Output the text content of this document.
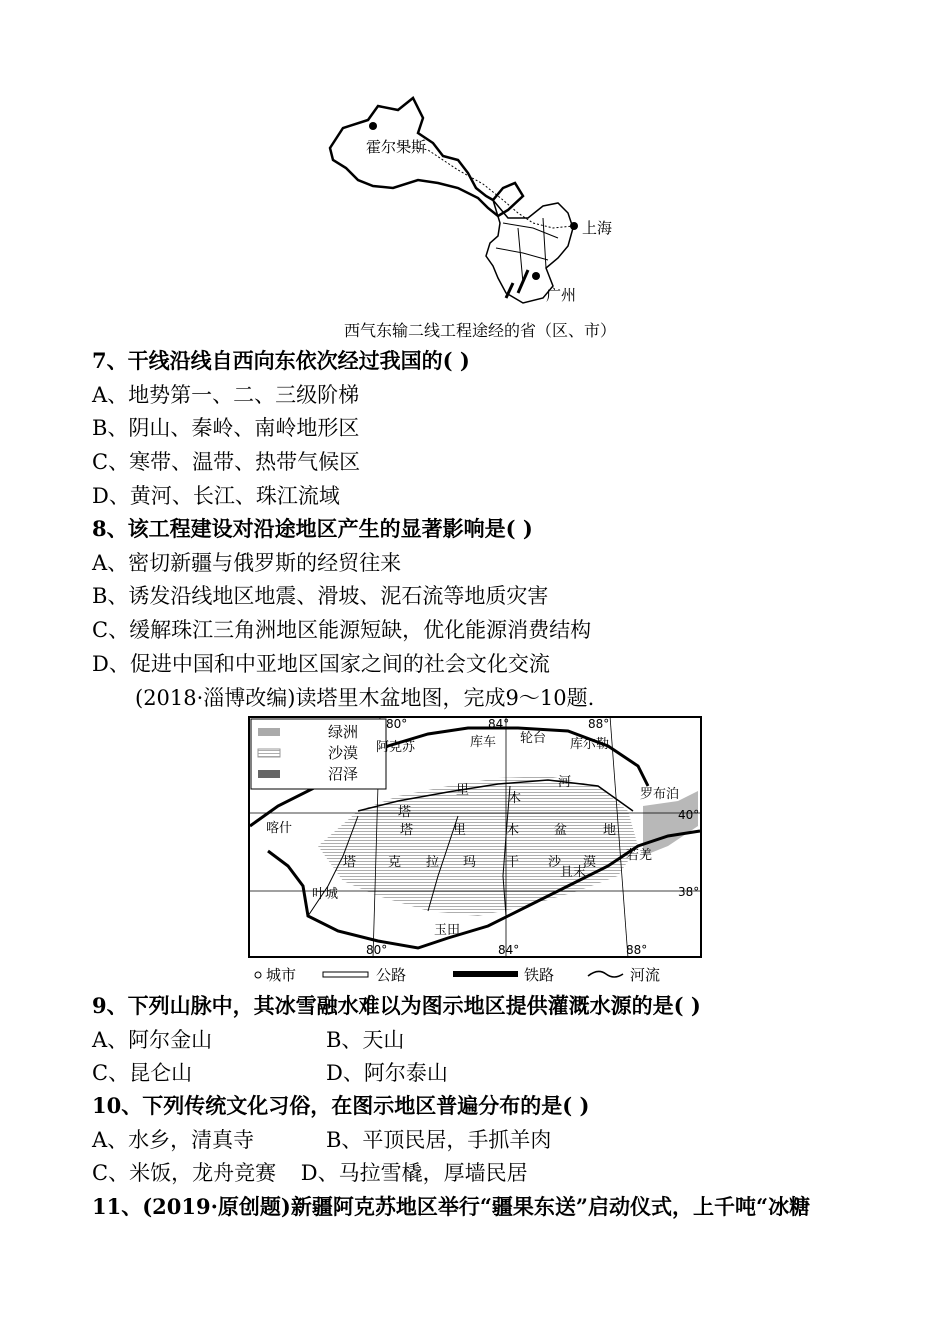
霍尔果斯
上海
广州
西气东输二线工程途经的省（区、市）
7、干线沿线自西向东依次经过我国的( )
A、地势第一、二、三级阶梯
B、阴山、秦岭、南岭地形区
C、寒带、温带、热带气候区
D、黄河、长江、珠江流域
8、该工程建设对沿途地区产生的显著影响是( )
A、密切新疆与俄罗斯的经贸往来
B、诱发沿线地区地震、滑坡、泥石流等地质灾害
C、缓解珠江三角洲地区能源短缺，优化能源消费结构
D、促进中国和中亚地区国家之间的社会文化交流
(2018·淄博改编)读塔里木盆地图，完成9～10题.
绿洲
沙漠
沼泽
80°	84°	88°
40°
38°
80°	84°	88°
阿克苏	库车 轮台 库尔勒
罗布泊
喀什
若羌
且末
叶城
玉田
塔
里
木
河
塔	里	木	盆	地
塔 克 拉 玛 干 沙 漠
城市	公路	铁路	河流
9、下列山脉中，其冰雪融水难以为图示地区提供灌溉水源的是( )
A、阿尔金山	B、天山
C、昆仑山	D、阿尔泰山
10、下列传统文化习俗，在图示地区普遍分布的是( )
A、水乡，清真寺	B、平顶民居，手抓羊肉
C、米饭，龙舟竞赛 D、马拉雪橇，厚墙民居
11、(2019·原创题)新疆阿克苏地区举行“疆果东送”启动仪式，上千吨“冰糖
